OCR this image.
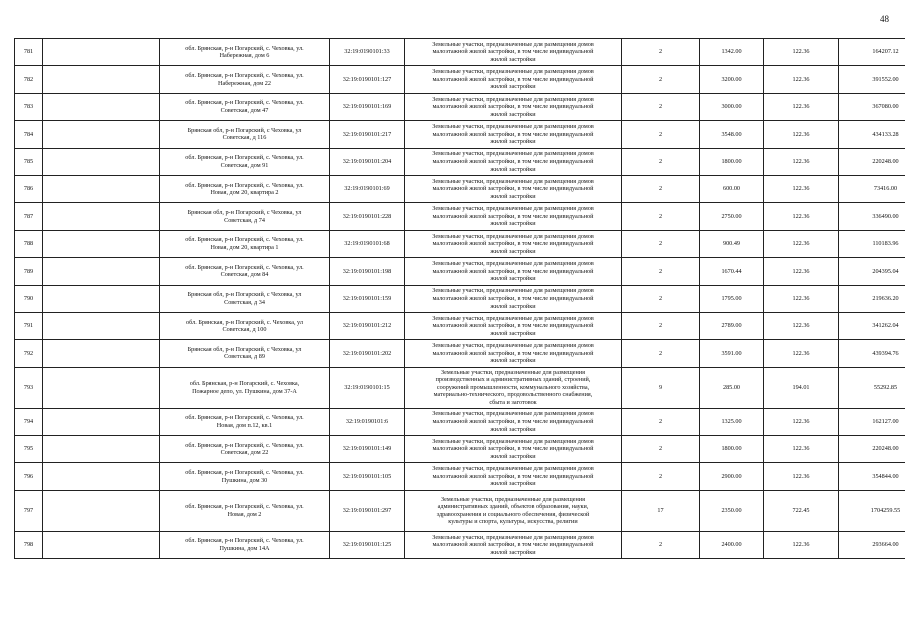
48
781		обл. Брянская, р-н Погарский, с. Чеховка, ул.
Набережная, дом 6	32:19:0190101:33	Земельные участки, предназначенные для размещения домов
малоэтажной жилой застройки, в том числе индивидуальной
жилой застройки	2	1342.00	122.36	164207.12
782		обл. Брянская, р-н Погарский, с. Чеховка, ул.
Набережная, дом 22	32:19:0190101:127	Земельные участки, предназначенные для размещения домов
малоэтажной жилой застройки, в том числе индивидуальной
жилой застройки	2	3200.00	122.36	391552.00
783		обл. Брянская, р-н Погарский, с. Чеховка, ул.
Советская, дом 47	32:19:0190101:169	Земельные участки, предназначенные для размещения домов
малоэтажной жилой застройки, в том числе индивидуальной
жилой застройки	2	3000.00	122.36	367080.00
784		Брянская обл, р-н Погарский, с Чеховка, ул
Советская, д 116	32:19:0190101:217	Земельные участки, предназначенные для размещения домов
малоэтажной жилой застройки, в том числе индивидуальной
жилой застройки	2	3548.00	122.36	434133.28
785		обл. Брянская, р-н Погарский, с. Чеховка, ул.
Советская, дом 91	32:19:0190101:204	Земельные участки, предназначенные для размещения домов
малоэтажной жилой застройки, в том числе индивидуальной
жилой застройки	2	1800.00	122.36	220248.00
786		обл. Брянская, р-н Погарский, с. Чеховка, ул.
Новая, дом 20, квартира 2	32:19:0190101:69	Земельные участки, предназначенные для размещения домов
малоэтажной жилой застройки, в том числе индивидуальной
жилой застройки	2	600.00	122.36	73416.00
787		Брянская обл, р-н Погарский, с Чеховка, ул
Советская, д 74	32:19:0190101:228	Земельные участки, предназначенные для размещения домов
малоэтажной жилой застройки, в том числе индивидуальной
жилой застройки	2	2750.00	122.36	336490.00
788		обл. Брянская, р-н Погарский, с. Чеховка, ул.
Новая, дом 20, квартира 1	32:19:0190101:68	Земельные участки, предназначенные для размещения домов
малоэтажной жилой застройки, в том числе индивидуальной
жилой застройки	2	900.49	122.36	110183.96
789		обл. Брянская, р-н Погарский, с. Чеховка, ул.
Советская, дом 84	32:19:0190101:198	Земельные участки, предназначенные для размещения домов
малоэтажной жилой застройки, в том числе индивидуальной
жилой застройки	2	1670.44	122.36	204395.04
790		Брянская обл, р-н Погарский, с Чеховка, ул
Советская, д 34	32:19:0190101:159	Земельные участки, предназначенные для размещения домов
малоэтажной жилой застройки, в том числе индивидуальной
жилой застройки	2	1795.00	122.36	219636.20
791		обл. Брянская, р-н Погарский, с. Чеховка, ул
Советская, д 100	32:19:0190101:212	Земельные участки, предназначенные для размещения домов
малоэтажной жилой застройки, в том числе индивидуальной
жилой застройки	2	2789.00	122.36	341262.04
792		Брянская обл, р-н Погарский, с Чеховка, ул
Советская, д 89	32:19:0190101:202	Земельные участки, предназначенные для размещения домов
малоэтажной жилой застройки, в том числе индивидуальной
жилой застройки	2	3591.00	122.36	439394.76
793		обл. Брянская, р-н Погарский, с. Чеховка,
Пожарное депо, ул. Пушкина, дом 37-А	32:19:0190101:15	Земельные участки, предназначенные для размещения
производственных и административных зданий, строений,
сооружений промышленности, коммунального хозяйства,
материально-технического, продовольственного снабжения,
сбыта и заготовок	9	285.00	194.01	55292.85
794		обл. Брянская, р-н Погарский, с. Чеховка, ул.
Новая, дом п.12, кв.1	32:19:0190101:6	Земельные участки, предназначенные для размещения домов
малоэтажной жилой застройки, в том числе индивидуальной
жилой застройки	2	1325.00	122.36	162127.00
795		обл. Брянская, р-н Погарский, с. Чеховка, ул.
Советская, дом 22	32:19:0190101:149	Земельные участки, предназначенные для размещения домов
малоэтажной жилой застройки, в том числе индивидуальной
жилой застройки	2	1800.00	122.36	220248.00
796		обл. Брянская, р-н Погарский, с. Чеховка, ул.
Пушкина, дом 30	32:19:0190101:105	Земельные участки, предназначенные для размещения домов
малоэтажной жилой застройки, в том числе индивидуальной
жилой застройки	2	2900.00	122.36	354844.00
797		обл. Брянская, р-н Погарский, с. Чеховка, ул.
Новая, дом 2	32:19:0190101:297	Земельные участки, предназначенные для размещения
административных зданий, объектов образования, науки,
здравоохранения и социального обеспечения, физической
культуры и спорта, культуры, искусства, религии	17	2350.00	722.45	1704259.55
798		обл. Брянская, р-н Погарский, с. Чеховка, ул.
Пушкина, дом 14А	32:19:0190101:125	Земельные участки, предназначенные для размещения домов
малоэтажной жилой застройки, в том числе индивидуальной
жилой застройки	2	2400.00	122.36	293664.00
